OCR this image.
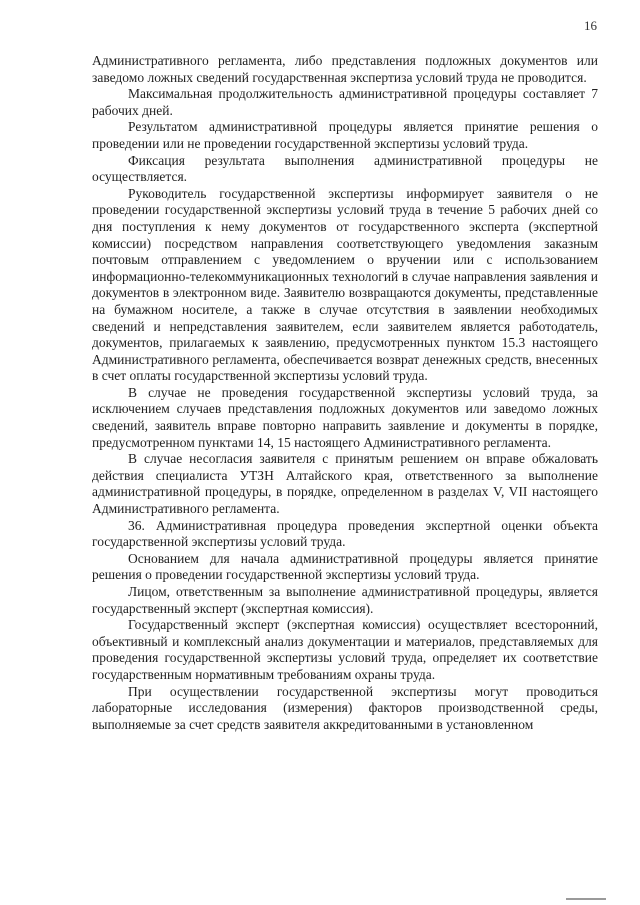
16

Административного регламента, либо представления подложных документов или заведомо ложных сведений государственная экспертиза условий труда не проводится.

Максимальная продолжительность административной процедуры составляет 7 рабочих дней.

Результатом административной процедуры является принятие решения о проведении или не проведении государственной экспертизы условий труда.

Фиксация результата выполнения административной процедуры не осуществляется.

Руководитель государственной экспертизы информирует заявителя о не проведении государственной экспертизы условий труда в течение 5 рабочих дней со дня поступления к нему документов от государственного эксперта (экспертной комиссии) посредством направления соответствующего уведомления заказным почтовым отправлением с уведомлением о вручении или с использованием информационно-телекоммуникационных технологий в случае направления заявления и документов в электронном виде. Заявителю возвращаются документы, представленные на бумажном носителе, а также в случае отсутствия в заявлении необходимых сведений и непредставления заявителем, если заявителем является работодатель, документов, прилагаемых к заявлению, предусмотренных пунктом 15.3 настоящего Административного регламента, обеспечивается возврат денежных средств, внесенных в счет оплаты государственной экспертизы условий труда.

В случае не проведения государственной экспертизы условий труда, за исключением случаев представления подложных документов или заведомо ложных сведений, заявитель вправе повторно направить заявление и документы в порядке, предусмотренном пунктами 14, 15 настоящего Административного регламента.

В случае несогласия заявителя с принятым решением он вправе обжаловать действия специалиста УТЗН Алтайского края, ответственного за выполнение административной процедуры, в порядке, определенном в разделах V, VII настоящего Административного регламента.

36. Административная процедура проведения экспертной оценки объекта государственной экспертизы условий труда.

Основанием для начала административной процедуры является принятие решения о проведении государственной экспертизы условий труда.

Лицом, ответственным за выполнение административной процедуры, является государственный эксперт (экспертная комиссия).

Государственный эксперт (экспертная комиссия) осуществляет всесторонний, объективный и комплексный анализ документации и материалов, представляемых для проведения государственной экспертизы условий труда, определяет их соответствие государственным нормативным требованиям охраны труда.

При осуществлении государственной экспертизы могут проводиться лабораторные исследования (измерения) факторов производственной среды, выполняемые за счет средств заявителя аккредитованными в установленном
